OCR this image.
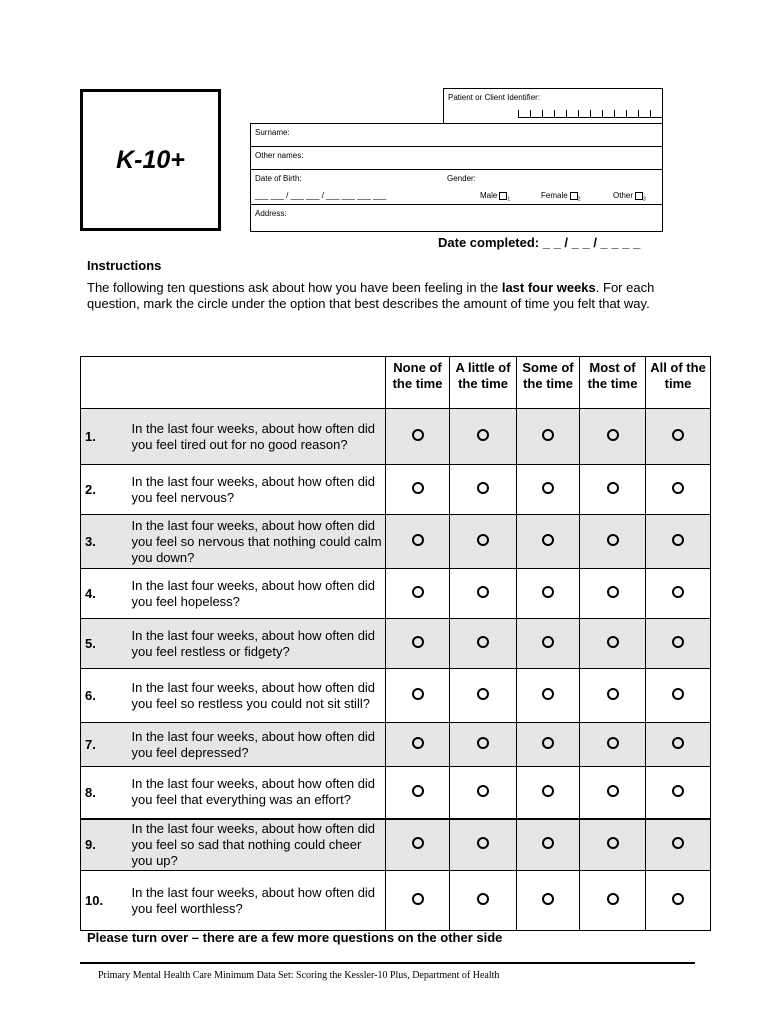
K-10+
Patient or Client Identifier:
Surname:
Other names:
Date of Birth:
___ ___ / ___ ___ / ___ ___ ___ ___
Gender:
Male $_1$	Female $_2$	Other $_3$
Address:
Date completed: _ _ / _ _ / _ _ _ _
Instructions
The following ten questions ask about how you have been feeling in the last four weeks. For each question, mark the circle under the option that best describes the amount of time you felt that way.
		None of the time	A little of the time	Some of the time	Most of the time	All of the time
1.	In the last four weeks, about how often did you feel tired out for no good reason?					
2.	In the last four weeks, about how often did you feel nervous?					
3.	In the last four weeks, about how often did you feel so nervous that nothing could calm you down?					
4.	In the last four weeks, about how often did you feel hopeless?					
5.	In the last four weeks, about how often did you feel restless or fidgety?					
6.	In the last four weeks, about how often did you feel so restless you could not sit still?					
7.	In the last four weeks, about how often did you feel depressed?					
8.	In the last four weeks, about how often did you feel that everything was an effort?					
9.	In the last four weeks, about how often did you feel so sad that nothing could cheer you up?					
10.	In the last four weeks, about how often did you feel worthless?					
Please turn over – there are a few more questions on the other side
Primary Mental Health Care Minimum Data Set: Scoring the Kessler-10 Plus, Department of Health
